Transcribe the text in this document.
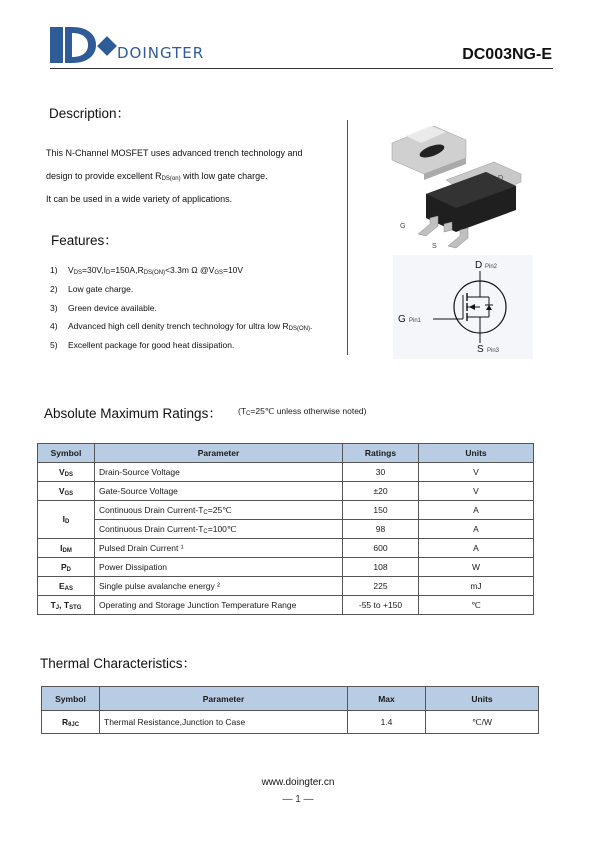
DOINGTER	DC003NG-E
Description：
This N-Channel MOSFET uses advanced trench technology and
design to provide excellent $R_{DS(on)}$ with low gate charge.
It can be used in a wide variety of applications.
Features：
1) $V_{DS}=30V,I_D=150A,R_{DS(ON)}<3.3m$ Ω $@V_{GS}=10V$
2) Low gate charge.
3) Green device available.
4) Advanced high cell denity trench technology for ultra low $R_{DS(ON)}$.
5) Excellent package for good heat dissipation.
D
G
S
D Pin2
G Pin1
S Pin3
Absolute Maximum Ratings： ($T_C=25℃$ unless otherwise noted)
Symbol	Parameter	Ratings	Units
$V_{DS}$	Drain-Source Voltage	30	V
$V_{GS}$	Gate-Source Voltage	±20	V
$I_D$	Continuous Drain Current-$T_C=25℃$	150	A
	Continuous Drain Current-$T_C=100℃$	98	A
$I_{DM}$	Pulsed Drain Current ¹	600	A
$P_D$	Power Dissipation	108	W
$E_{AS}$	Single pulse avalanche energy ²	225	mJ
$T_J$, $T_{STG}$	Operating and Storage Junction Temperature Range	-55 to +150	℃
Thermal Characteristics：
Symbol	Parameter	Max	Units
$R_{\theta JC}$	Thermal Resistance,Junction to Case	1.4	℃/W
www.doingter.cn
— 1 —
